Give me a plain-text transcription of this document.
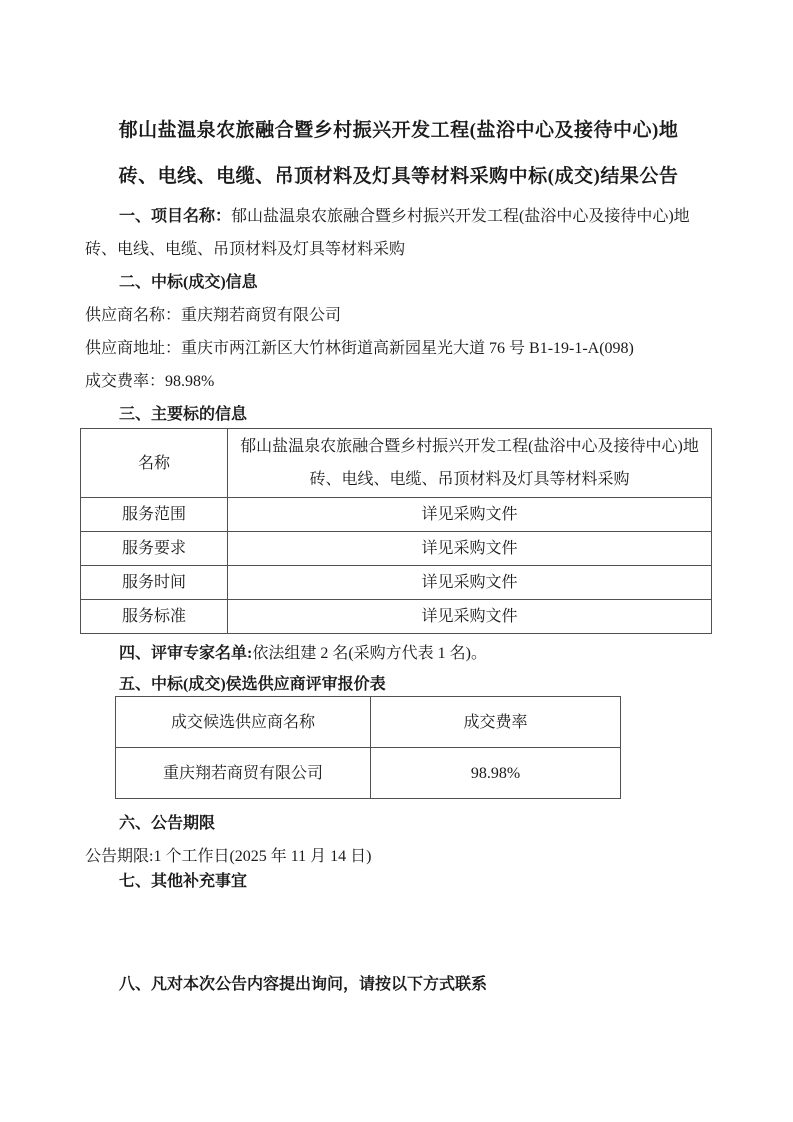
郁山盐温泉农旅融合暨乡村振兴开发工程(盐浴中心及接待中心)地
砖、电线、电缆、吊顶材料及灯具等材料采购中标(成交)结果公告

一、项目名称：郁山盐温泉农旅融合暨乡村振兴开发工程(盐浴中心及接待中心)地砖、电线、电缆、吊顶材料及灯具等材料采购

二、中标(成交)信息

供应商名称：重庆翔若商贸有限公司

供应商地址：重庆市两江新区大竹林街道高新园星光大道 76 号 B1-19-1-A(098)

成交费率：98.98%

三、主要标的信息

名称	郁山盐温泉农旅融合暨乡村振兴开发工程(盐浴中心及接待中心)地砖、电线、电缆、吊顶材料及灯具等材料采购
服务范围	详见采购文件
服务要求	详见采购文件
服务时间	详见采购文件
服务标准	详见采购文件

四、评审专家名单:依法组建 2 名(采购方代表 1 名)。

五、中标(成交)侯选供应商评审报价表

成交候选供应商名称	成交费率
重庆翔若商贸有限公司	98.98%

六、公告期限

公告期限:1 个工作日(2025 年 11 月 14 日)

七、其他补充事宜

八、凡对本次公告内容提出询问，请按以下方式联系
